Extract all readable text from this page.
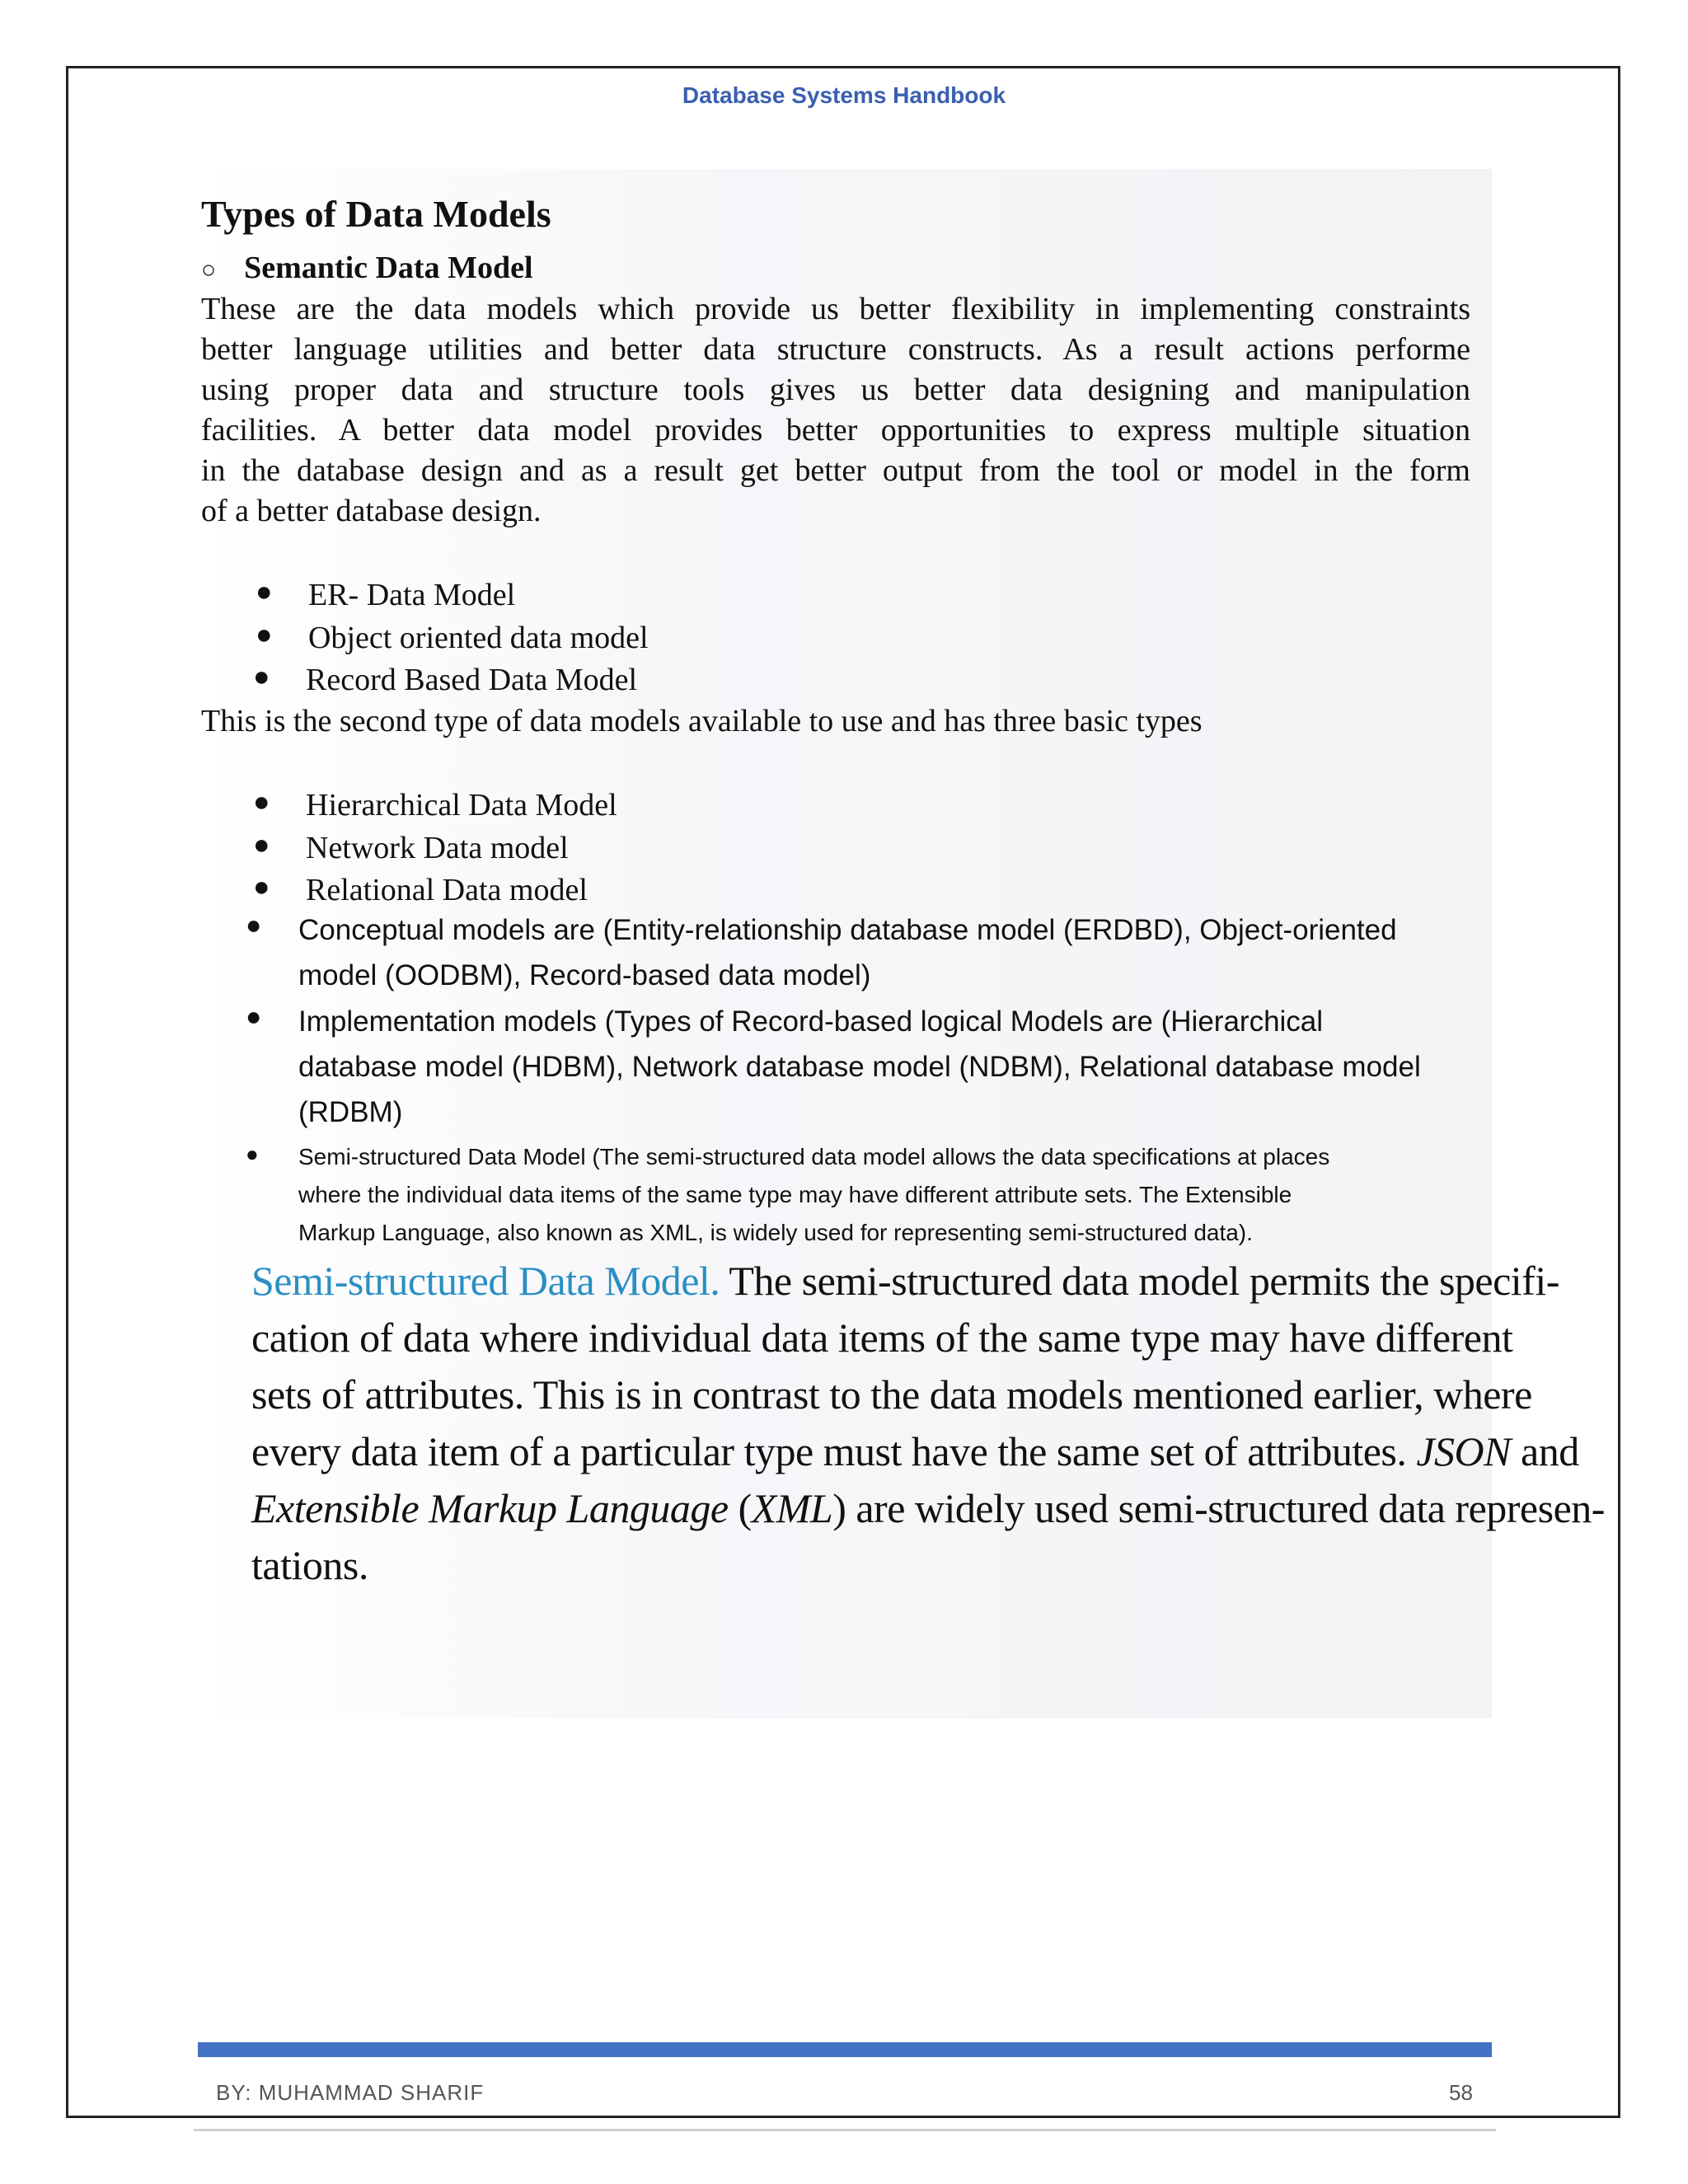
Database Systems Handbook
Types of Data Models
○ Semantic Data Model
These are the data models which provide us better flexibility in implementing constraints
better language utilities and better data structure constructs. As a result actions performe
using proper data and structure tools gives us better data designing and manipulation
facilities. A better data model provides better opportunities to express multiple situation
in the database design and as a result get better output from the tool or model in the form
of a better database design.
● ER- Data Model
● Object oriented data model
● Record Based Data Model
This is the second type of data models available to use and has three basic types
● Hierarchical Data Model
● Network Data model
● Relational Data model
● Conceptual models are (Entity-relationship database model (ERDBD), Object-oriented
model (OODBM), Record-based data model)
● Implementation models (Types of Record-based logical Models are (Hierarchical
database model (HDBM), Network database model (NDBM), Relational database model
(RDBM)
● Semi-structured Data Model (The semi-structured data model allows the data specifications at places
where the individual data items of the same type may have different attribute sets. The Extensible
Markup Language, also known as XML, is widely used for representing semi-structured data).
Semi-structured Data Model. The semi-structured data model permits the specifi-
cation of data where individual data items of the same type may have different
sets of attributes. This is in contrast to the data models mentioned earlier, where
every data item of a particular type must have the same set of attributes. JSON and
Extensible Markup Language (XML) are widely used semi-structured data represen-
tations.
BY: MUHAMMAD SHARIF	58
